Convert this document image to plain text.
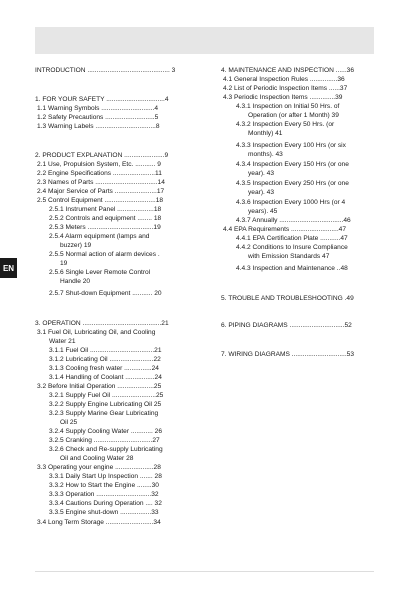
EN
INTRODUCTION ............................................. 3
1. FOR YOUR SAFETY ................................4
1.1 Warning Symbols .............................4
1.2 Safety Precautions ...........................5
1.3 Warning Labels .................................8
2. PRODUCT EXPLANATION ......................9
2.1 Use, Propulsion System, Etc. ........... 9
2.2 Engine Specifications .......................11
2.3 Names of Parts ..................................14
2.4 Major Service of Parts .......................17
2.5 Control Equipment ............................18
2.5.1 Instrument Panel ....................18
2.5.2 Controls and equipment ........ 18
2.5.3 Meters ....................................19
2.5.4 Alarm equipment (lamps and
buzzer) 19
2.5.5 Normal action of alarm devices .
19
2.5.6 Single Lever Remote Control
Handle 20
2.5.7 Shut-down Equipment ........... 20
3. OPERATION ...........................................21
3.1 Fuel Oil, Lubricating Oil, and Cooling
Water 21
3.1.1 Fuel Oil ...................................21
3.1.2 Lubricating Oil ........................22
3.1.3 Cooling fresh water ...............24
3.1.4 Handling of Coolant ................24
3.2 Before Initial Operation ....................25
3.2.1 Supply Fuel Oil ........................25
3.2.2 Supply Engine Lubricating Oil 25
3.2.3 Supply Marine Gear Lubricating
Oil 25
3.2.4 Supply Cooling Water ............ 26
3.2.5 Cranking ................................27
3.2.6 Check and Re-supply Lubricating
Oil and Cooling Water 28
3.3 Operating your engine .....................28
3.3.1 Daily Start Up Inspection ....... 28
3.3.2 How to Start the Engine ........30
3.3.3 Operation ..............................32
3.3.4 Cautions During Operation .... 32
3.3.5 Engine shut-down .................33
3.4 Long Term Storage ..........................34
4. MAINTENANCE AND INSPECTION ......36
4.1 General Inspection Rules ...............36
4.2 List of Periodic Inspection Items ......37
4.3 Periodic Inspection Items ..............39
4.3.1 Inspection on Initial 50 Hrs. of
Operation (or after 1 Month) 39
4.3.2 Inspection Every 50 Hrs. (or
Monthly) 41
4.3.3 Inspection Every 100 Hrs (or six
months). 43
4.3.4 Inspection Every 150 Hrs (or one
year). 43
4.3.5 Inspection Every 250 Hrs (or one
year). 43
4.3.6 Inspection Every 1000 Hrs (or 4
years). 45
4.3.7 Annually ...................................46
4.4 EPA Requirements ..........................47
4.4.1 EPA Certification Plate ...........47
4.4.2 Conditions to Insure Compliance
with Emission Standards 47
4.4.3 Inspection and Maintenance ..48
5. TROUBLE AND TROUBLESHOOTING .49
6. PIPING DIAGRAMS ..............................52
7. WIRING DIAGRAMS ..............................53
